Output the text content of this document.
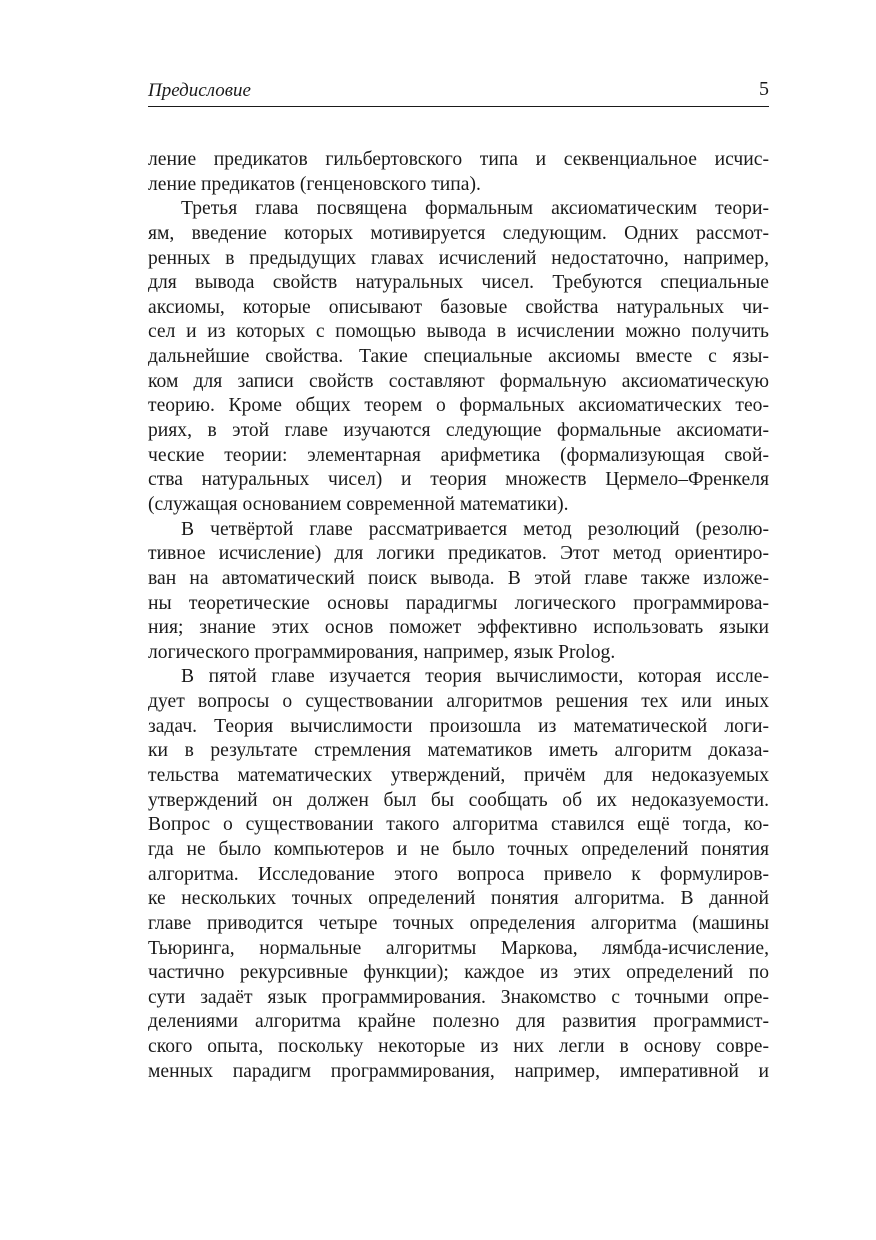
Предисловие	5
ление предикатов гильбертовского типа и секвенциальное исчис-
ление предикатов (генценовского типа).
Третья глава посвящена формальным аксиоматическим теори-
ям, введение которых мотивируется следующим. Одних рассмот-
ренных в предыдущих главах исчислений недостаточно, например,
для вывода свойств натуральных чисел. Требуются специальные
аксиомы, которые описывают базовые свойства натуральных чи-
сел и из которых с помощью вывода в исчислении можно получить
дальнейшие свойства. Такие специальные аксиомы вместе с язы-
ком для записи свойств составляют формальную аксиоматическую
теорию. Кроме общих теорем о формальных аксиоматических тео-
риях, в этой главе изучаются следующие формальные аксиомати-
ческие теории: элементарная арифметика (формализующая свой-
ства натуральных чисел) и теория множеств Цермело–Френкеля
(служащая основанием современной математики).
В четвёртой главе рассматривается метод резолюций (резолю-
тивное исчисление) для логики предикатов. Этот метод ориентиро-
ван на автоматический поиск вывода. В этой главе также изложе-
ны теоретические основы парадигмы логического программирова-
ния; знание этих основ поможет эффективно использовать языки
логического программирования, например, язык Prolog.
В пятой главе изучается теория вычислимости, которая иссле-
дует вопросы о существовании алгоритмов решения тех или иных
задач. Теория вычислимости произошла из математической логи-
ки в результате стремления математиков иметь алгоритм доказа-
тельства математических утверждений, причём для недоказуемых
утверждений он должен был бы сообщать об их недоказуемости.
Вопрос о существовании такого алгоритма ставился ещё тогда, ко-
гда не было компьютеров и не было точных определений понятия
алгоритма. Исследование этого вопроса привело к формулиров-
ке нескольких точных определений понятия алгоритма. В данной
главе приводится четыре точных определения алгоритма (машины
Тьюринга, нормальные алгоритмы Маркова, лямбда-исчисление,
частично рекурсивные функции); каждое из этих определений по
сути задаёт язык программирования. Знакомство с точными опре-
делениями алгоритма крайне полезно для развития программист-
ского опыта, поскольку некоторые из них легли в основу совре-
менных парадигм программирования, например, императивной и
